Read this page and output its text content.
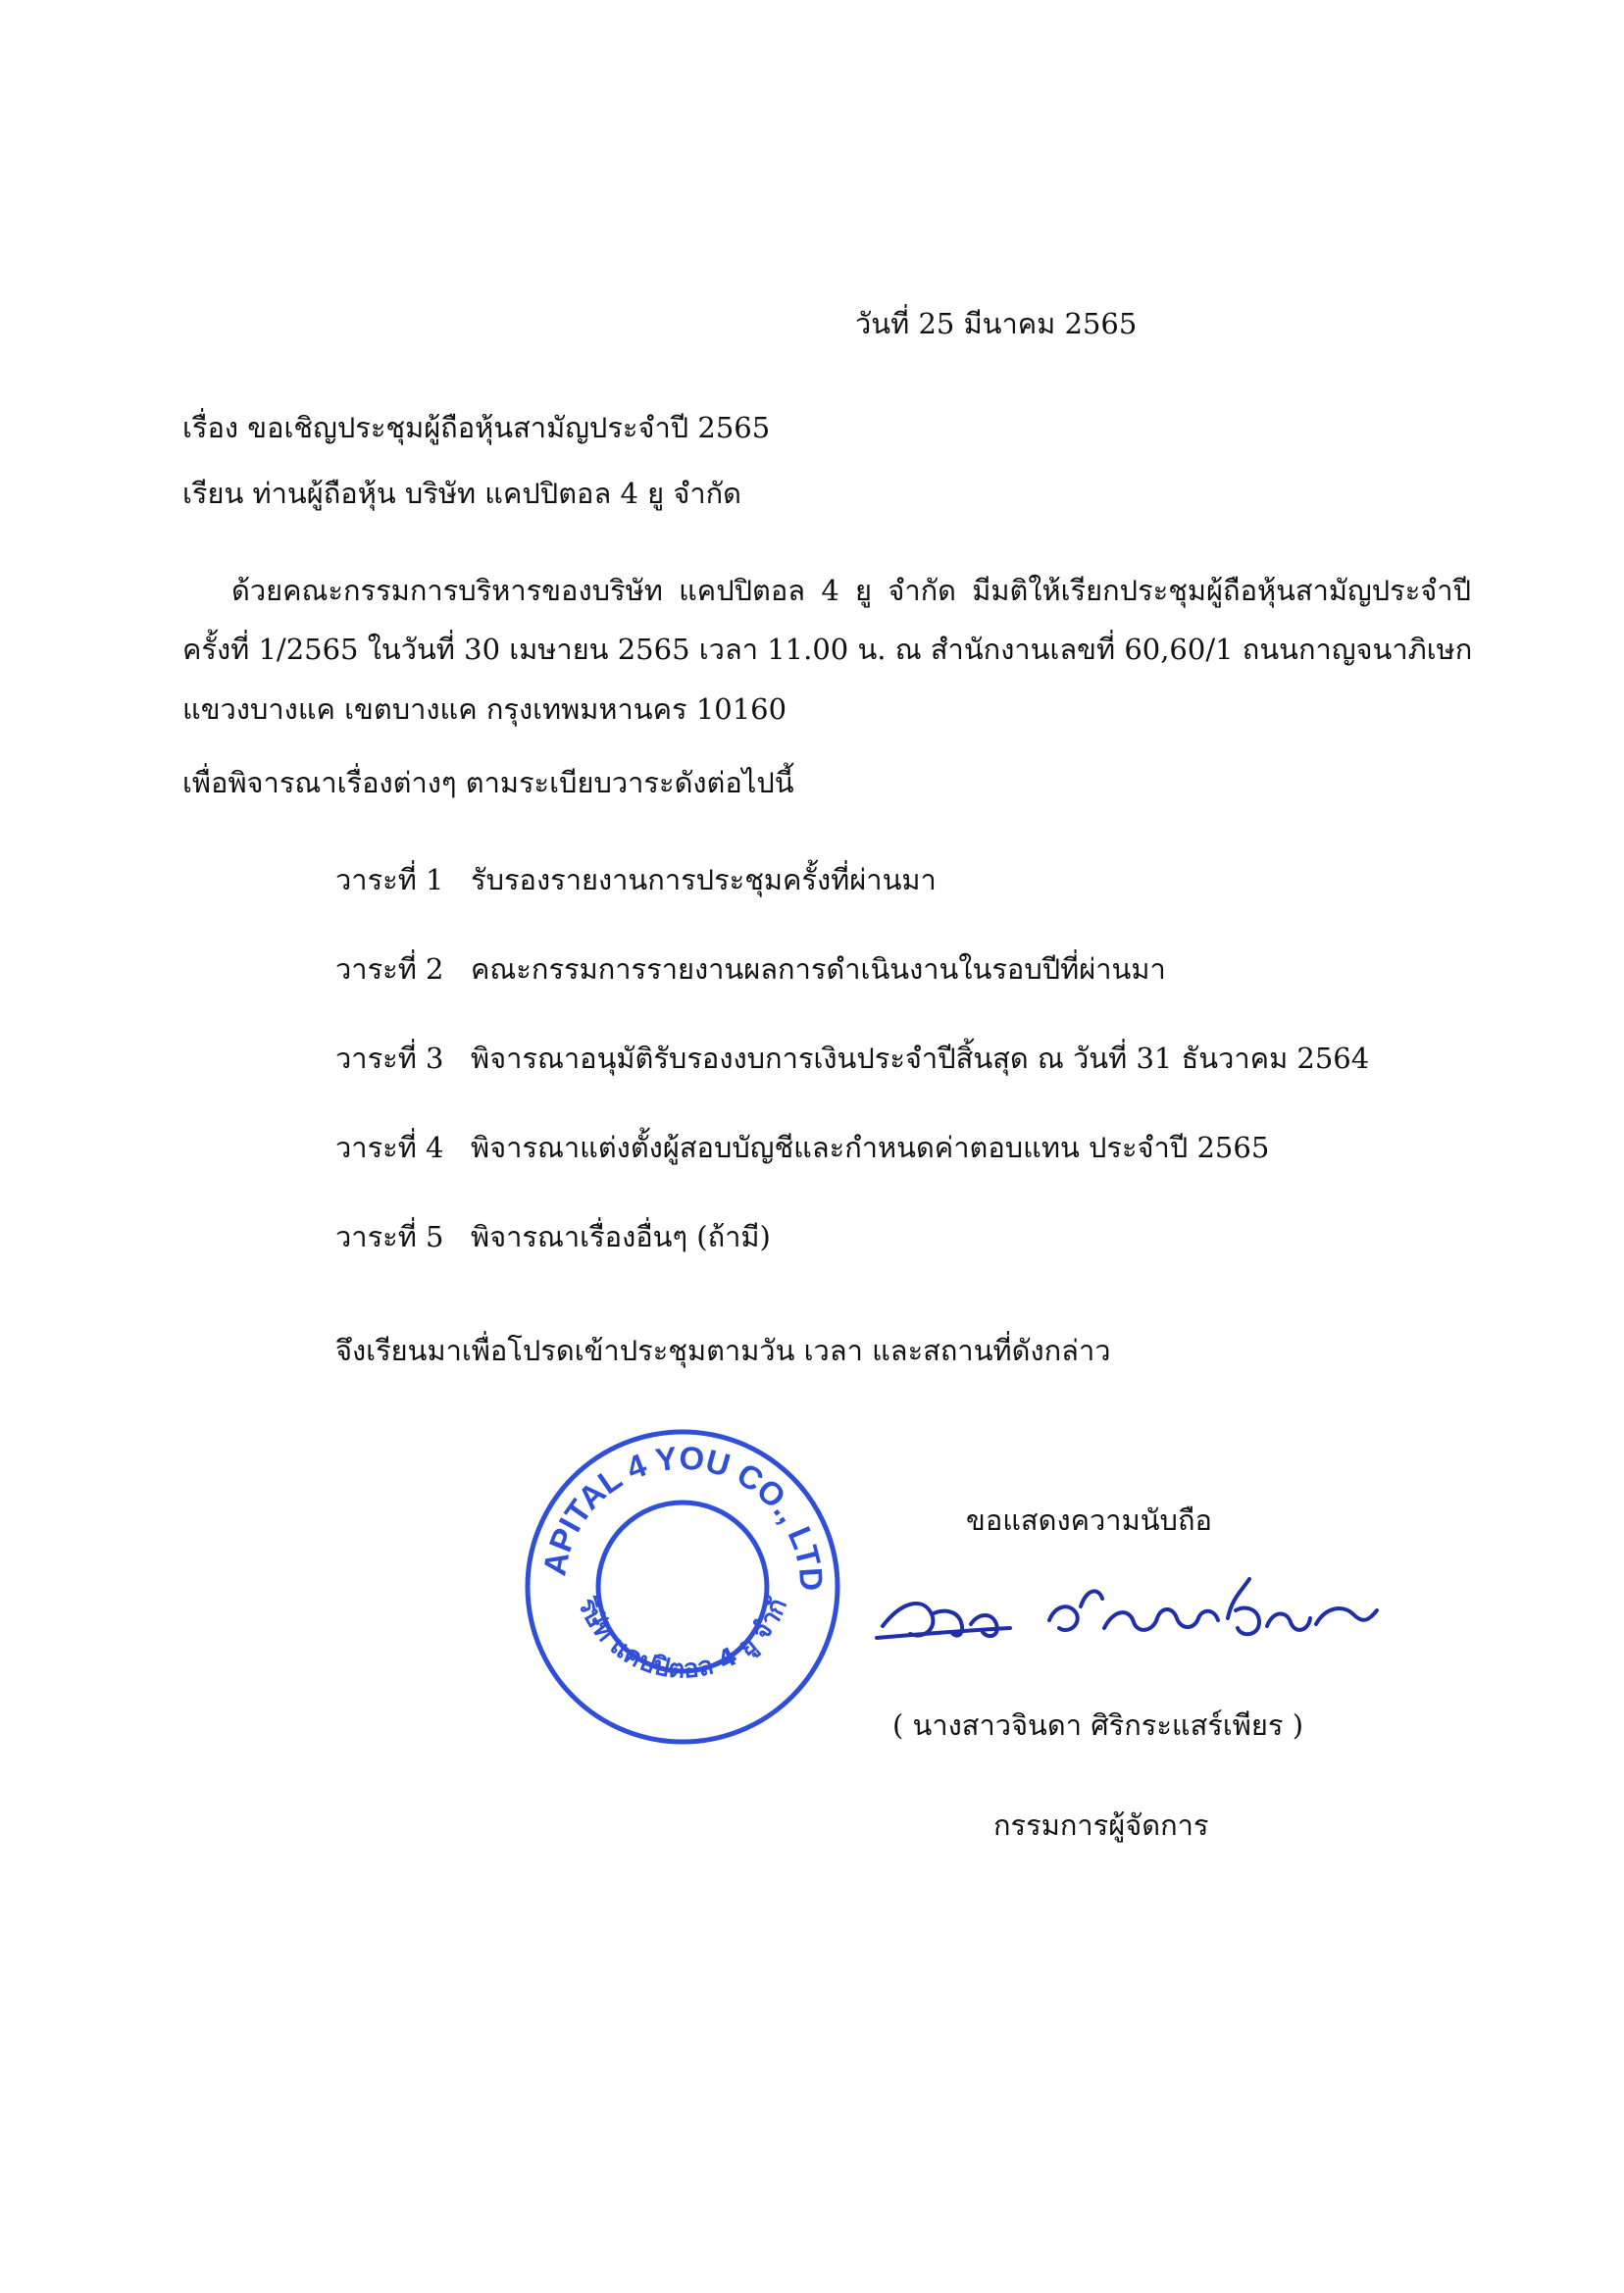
วันที่ 25 มีนาคม 2565
เรื่อง ขอเชิญประชุมผู้ถือหุ้นสามัญประจำปี 2565
เรียน ท่านผู้ถือหุ้น บริษัท แคปปิตอล 4 ยู จำกัด
ด้วยคณะกรรมการบริหารของบริษัท แคปปิตอล 4 ยู จำกัด มีมติให้เรียกประชุมผู้ถือหุ้นสามัญประจำปี
ครั้งที่ 1/2565 ในวันที่ 30 เมษายน 2565 เวลา 11.00 น. ณ สำนักงานเลขที่ 60,60/1 ถนนกาญจนาภิเษก
แขวงบางแค เขตบางแค กรุงเทพมหานคร 10160
เพื่อพิจารณาเรื่องต่างๆ ตามระเบียบวาระดังต่อไปนี้
วาระที่ 1 รับรองรายงานการประชุมครั้งที่ผ่านมา
วาระที่ 2 คณะกรรมการรายงานผลการดำเนินงานในรอบปีที่ผ่านมา
วาระที่ 3 พิจารณาอนุมัติรับรองงบการเงินประจำปีสิ้นสุด ณ วันที่ 31 ธันวาคม 2564
วาระที่ 4 พิจารณาแต่งตั้งผู้สอบบัญชีและกำหนดค่าตอบแทน ประจำปี 2565
วาระที่ 5 พิจารณาเรื่องอื่นๆ (ถ้ามี)
จึงเรียนมาเพื่อโปรดเข้าประชุมตามวัน เวลา และสถานที่ดังกล่าว
ขอแสดงความนับถือ
APITAL 4 YOU CO., LTD
ริษัท แคปปิตอล 4 ยู จำกั
( นางสาวจินดา ศิริกระแสร์เพียร )
กรรมการผู้จัดการ
